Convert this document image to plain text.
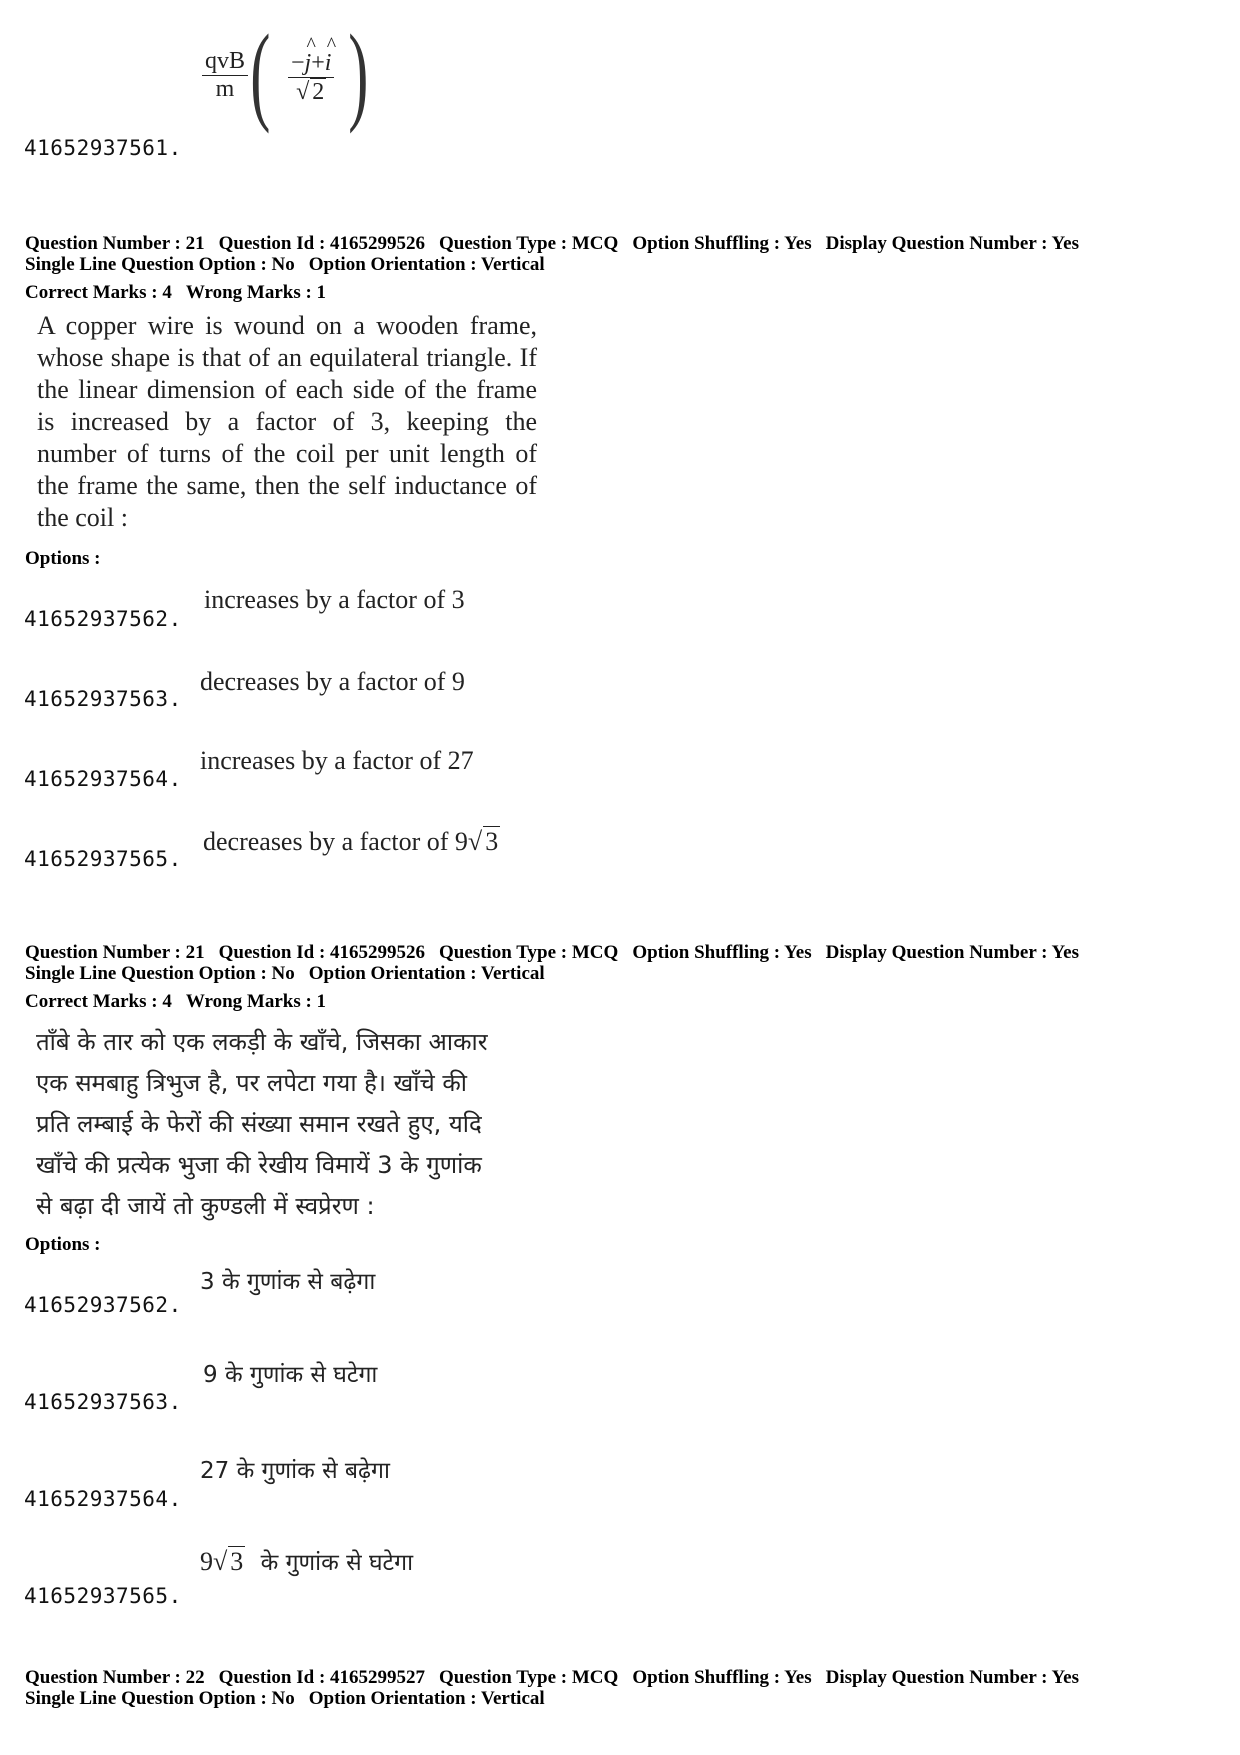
qvB
m ( $\frac{-\^{} j+\^{} i}{√ 2}$ )
41652937561.
Question Number : 21 Question Id : 4165299526 Question Type : MCQ Option Shuffling : Yes Display Question Number : Yes
Single Line Question Option : No Option Orientation : Vertical
Correct Marks : 4 Wrong Marks : 1
A copper wire is wound on a wooden frame, whose shape is that of an equilateral triangle. If the linear dimension of each side of the frame is increased by a factor of 3, keeping the number of turns of the coil per unit length of the frame the same, then the self inductance of the coil :
Options :
41652937562.
increases by a factor of 3
41652937563.
decreases by a factor of 9
41652937564.
increases by a factor of 27
41652937565.
decreases by a factor of 9√ 3
Question Number : 21 Question Id : 4165299526 Question Type : MCQ Option Shuffling : Yes Display Question Number : Yes
Single Line Question Option : No Option Orientation : Vertical
Correct Marks : 4 Wrong Marks : 1
ताँबे के तार को एक लकड़ी के खाँचे, जिसका आकार
एक समबाहु त्रिभुज है, पर लपेटा गया है। खाँचे की
प्रति लम्बाई के फेरों की संख्या समान रखते हुए, यदि
खाँचे की प्रत्येक भुजा की रेखीय विमायें 3 के गुणांक
से बढ़ा दी जायें तो कुण्डली में स्वप्रेरण :
Options :
41652937562.
3 के गुणांक से बढ़ेगा
41652937563.
9 के गुणांक से घटेगा
41652937564.
27 के गुणांक से बढ़ेगा
41652937565.
9√ 3 के गुणांक से घटेगा
Question Number : 22 Question Id : 4165299527 Question Type : MCQ Option Shuffling : Yes Display Question Number : Yes
Single Line Question Option : No Option Orientation : Vertical
